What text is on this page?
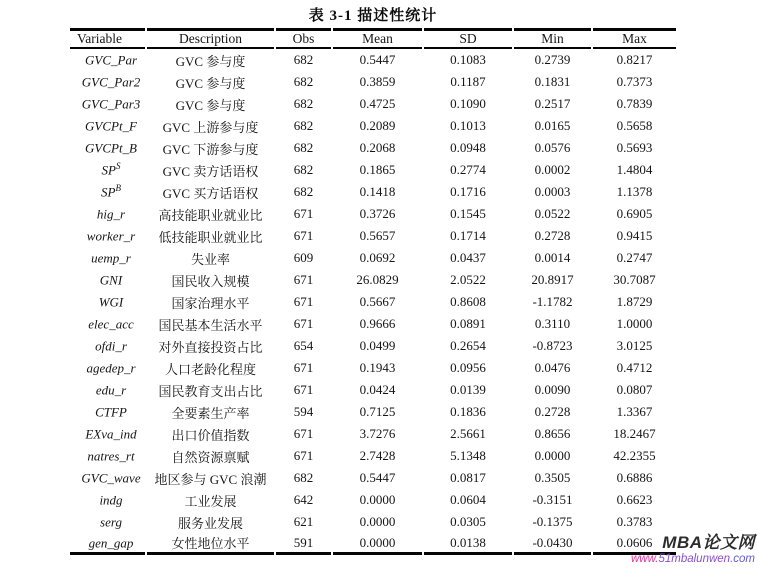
表 3-1 描述性统计
Variable	Description	Obs	Mean	SD	Min	Max
GVC_Par	GVC 参与度	682	0.5447	0.1083	0.2739	0.8217
GVC_Par2	GVC 参与度	682	0.3859	0.1187	0.1831	0.7373
GVC_Par3	GVC 参与度	682	0.4725	0.1090	0.2517	0.7839
GVCPt_F	GVC 上游参与度	682	0.2089	0.1013	0.0165	0.5658
GVCPt_B	GVC 下游参与度	682	0.2068	0.0948	0.0576	0.5693
$SP^S$	GVC 卖方话语权	682	0.1865	0.2774	0.0002	1.4804
$SP^B$	GVC 买方话语权	682	0.1418	0.1716	0.0003	1.1378
hig_r	高技能职业就业比	671	0.3726	0.1545	0.0522	0.6905
worker_r	低技能职业就业比	671	0.5657	0.1714	0.2728	0.9415
uemp_r	失业率	609	0.0692	0.0437	0.0014	0.2747
GNI	国民收入规模	671	26.0829	2.0522	20.8917	30.7087
WGI	国家治理水平	671	0.5667	0.8608	-1.1782	1.8729
elec_acc	国民基本生活水平	671	0.9666	0.0891	0.3110	1.0000
ofdi_r	对外直接投资占比	654	0.0499	0.2654	-0.8723	3.0125
agedep_r	人口老龄化程度	671	0.1943	0.0956	0.0476	0.4712
edu_r	国民教育支出占比	671	0.0424	0.0139	0.0090	0.0807
CTFP	全要素生产率	594	0.7125	0.1836	0.2728	1.3367
EXva_ind	出口价值指数	671	3.7276	2.5661	0.8656	18.2467
natres_rt	自然资源禀赋	671	2.7428	5.1348	0.0000	42.2355
GVC_wave	地区参与 GVC 浪潮	682	0.5447	0.0817	0.3505	0.6886
indg	工业发展	642	0.0000	0.0604	-0.3151	0.6623
serg	服务业发展	621	0.0000	0.0305	-0.1375	0.3783
gen_gap	女性地位水平	591	0.0000	0.0138	-0.0430	0.0606 MBA论文网
www.51mbalunwen.com
